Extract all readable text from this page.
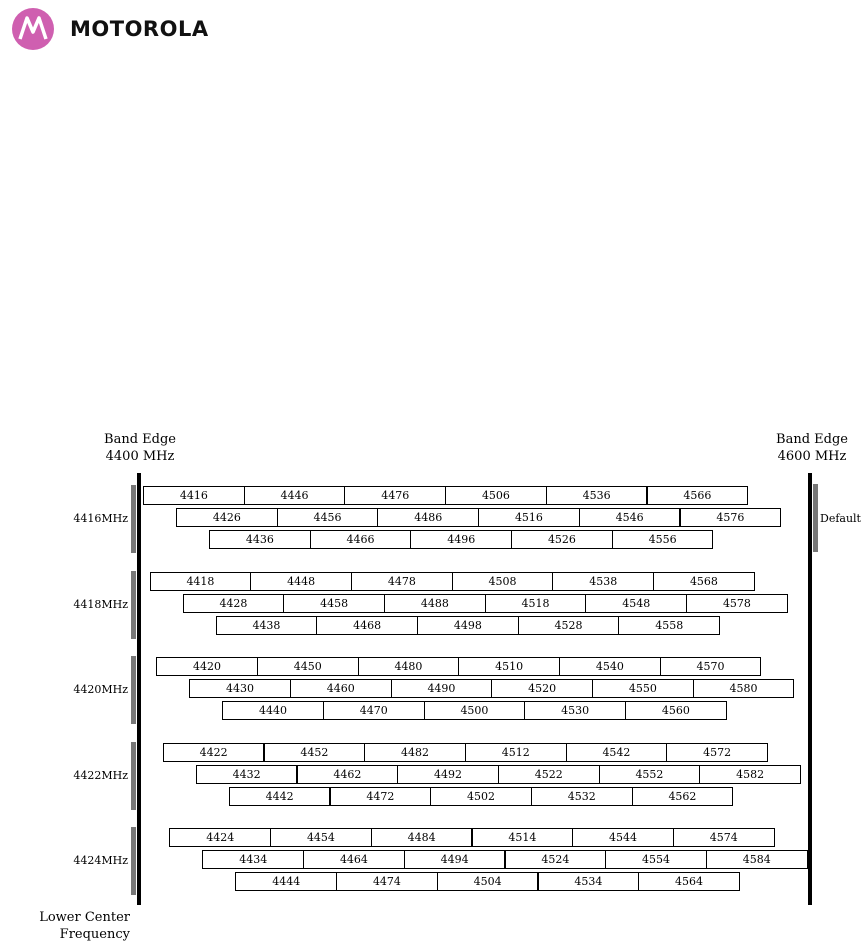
MOTOROLA
Band Edge
4400 MHz
Band Edge
4600 MHz
Default
Lower Center
Frequency
4416MHz
4416	4446	4476	4506	4536	4566
4426	4456	4486	4516	4546	4576
4436	4466	4496	4526	4556
4418MHz
4418	4448	4478	4508	4538	4568
4428	4458	4488	4518	4548	4578
4438	4468	4498	4528	4558
4420MHz
4420	4450	4480	4510	4540	4570
4430	4460	4490	4520	4550	4580
4440	4470	4500	4530	4560
4422MHz
4422	4452	4482	4512	4542	4572
4432	4462	4492	4522	4552	4582
4442	4472	4502	4532	4562
4424MHz
4424	4454	4484	4514	4544	4574
4434	4464	4494	4524	4554	4584
4444	4474	4504	4534	4564
